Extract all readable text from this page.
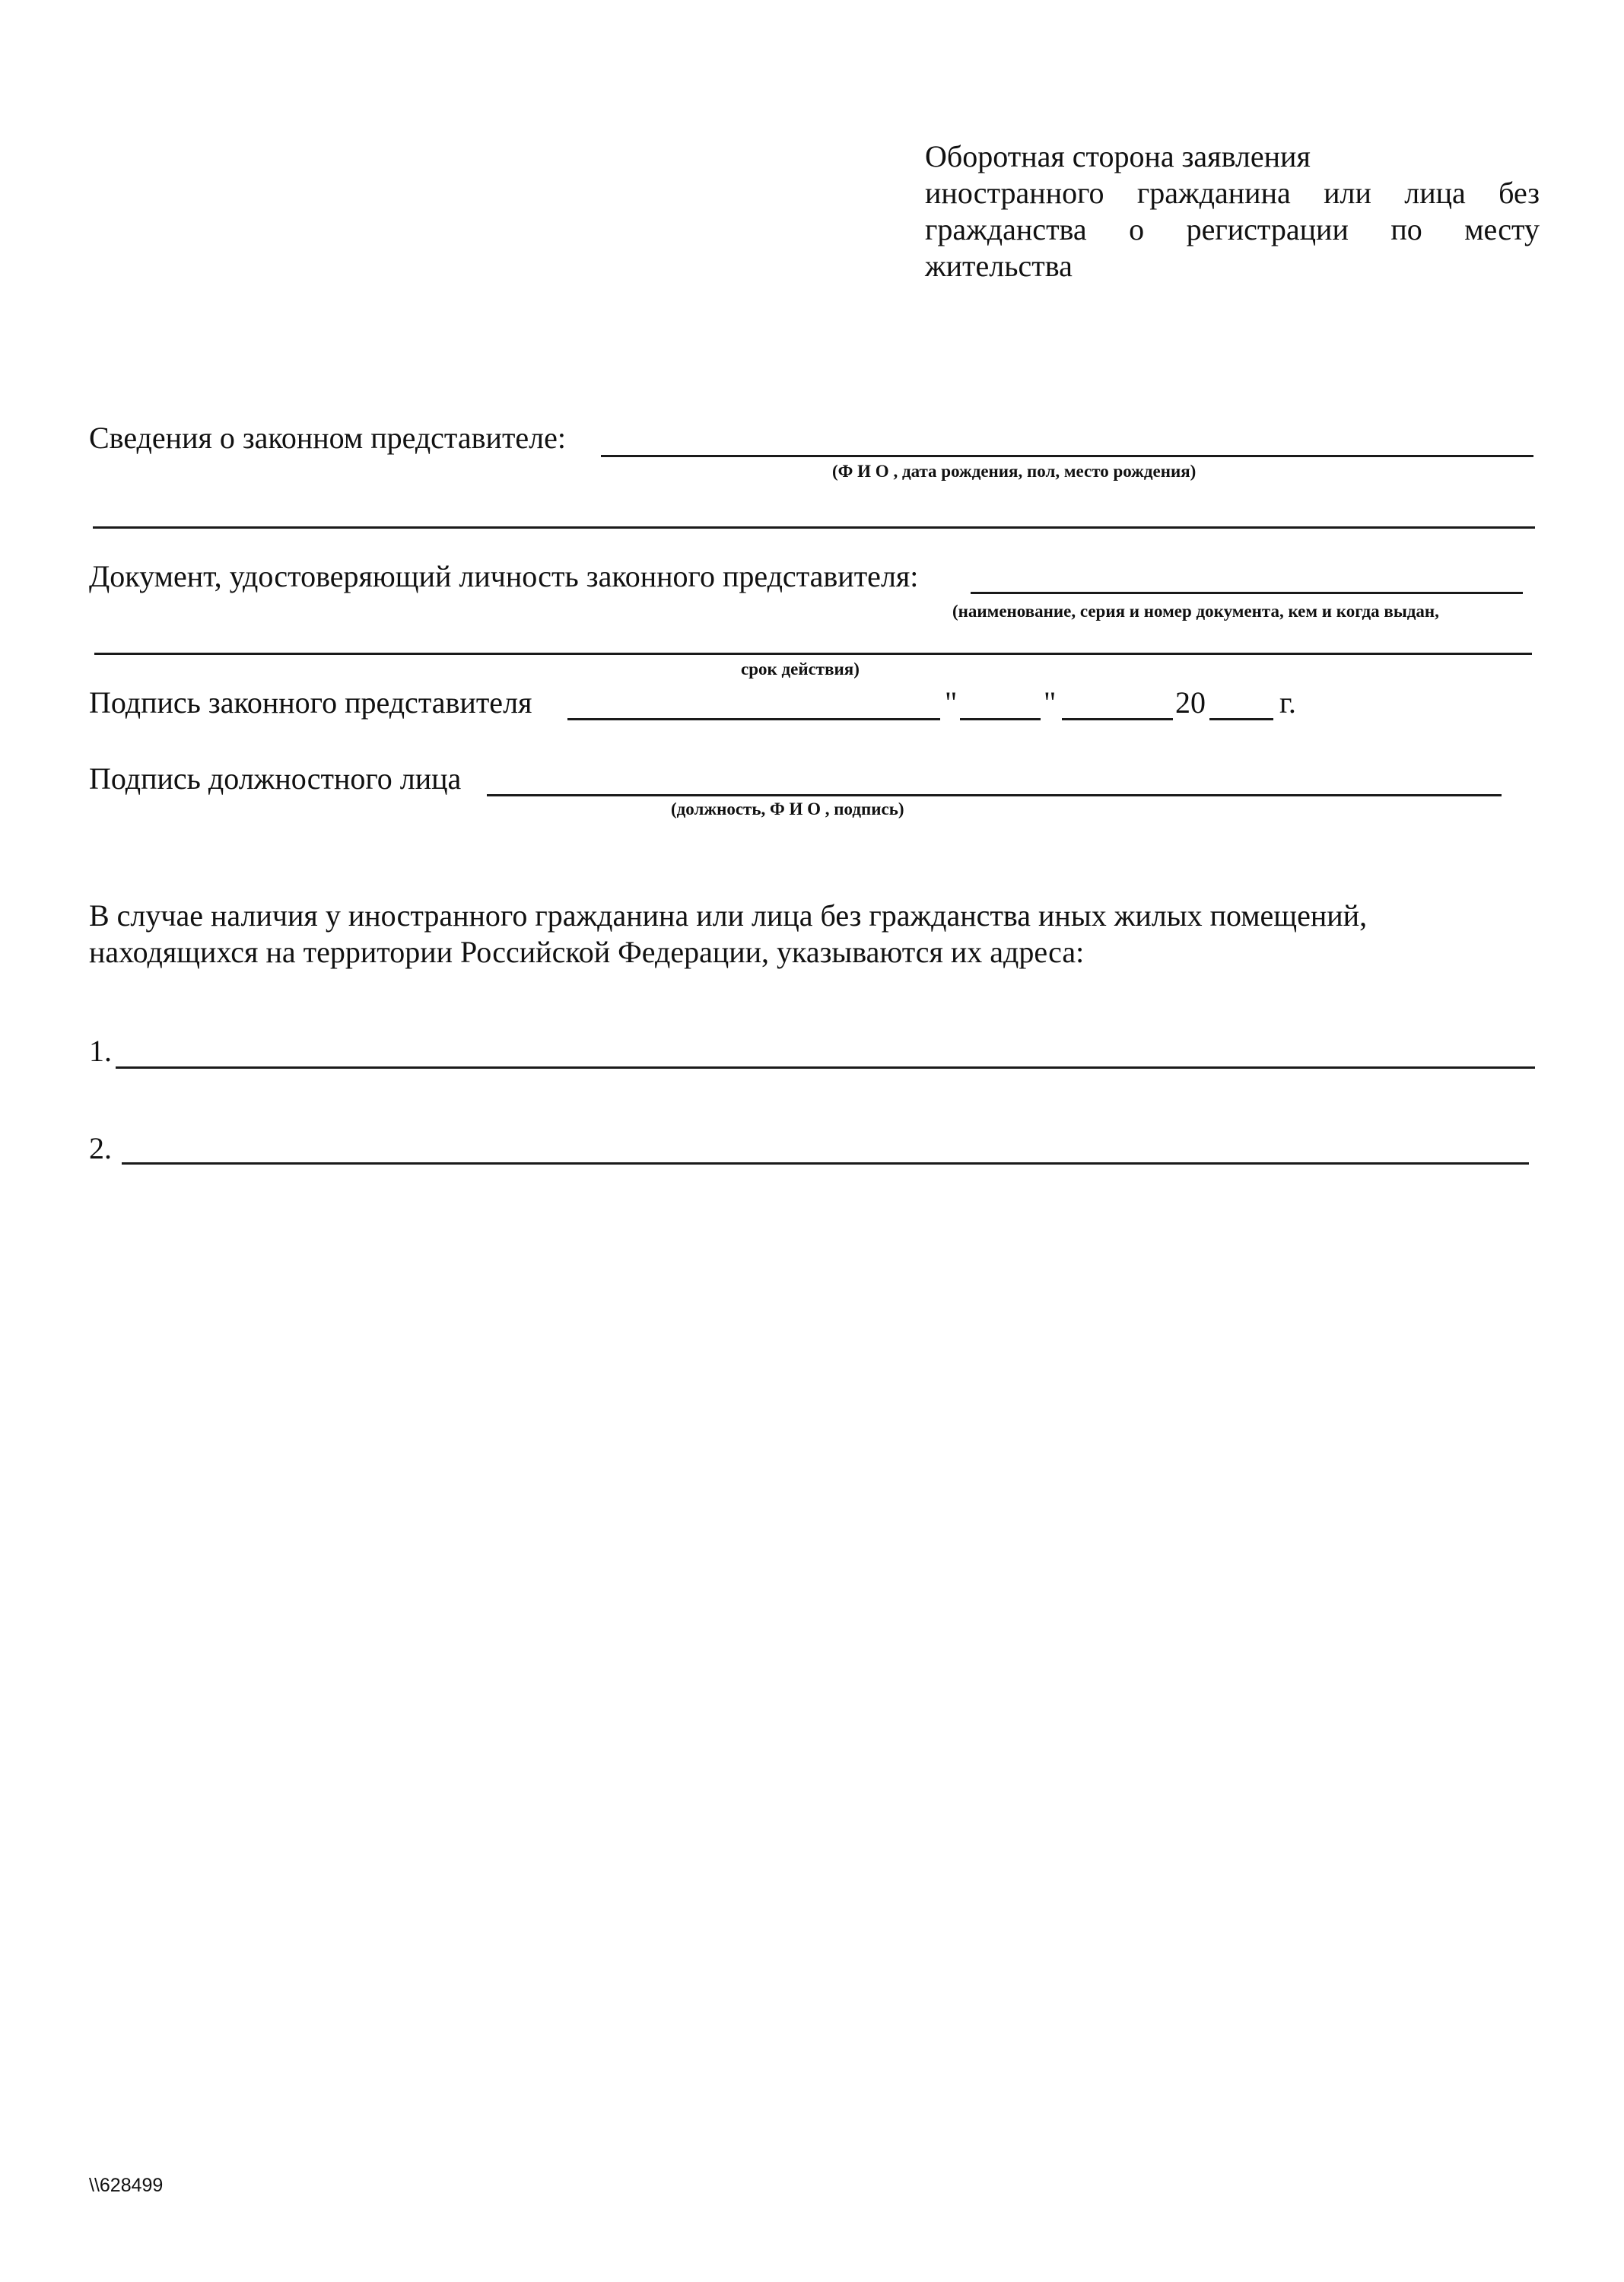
Оборотная сторона заявления
иностранного гражданина или лица без
гражданства о регистрации по месту
жительства
Сведения о законном представителе:
(Ф И О , дата рождения, пол, место рождения)
Документ, удостоверяющий личность законного представителя:
(наименование, серия и номер документа, кем и когда выдан,
срок действия)
Подпись законного представителя	"	"	20 г.
Подпись должностного лица
(должность, Ф И О , подпись)
В случае наличия у иностранного гражданина или лица без гражданства иных жилых помещений,
находящихся на территории Российской Федерации, указываются их адреса:
1.
2.
\\628499
